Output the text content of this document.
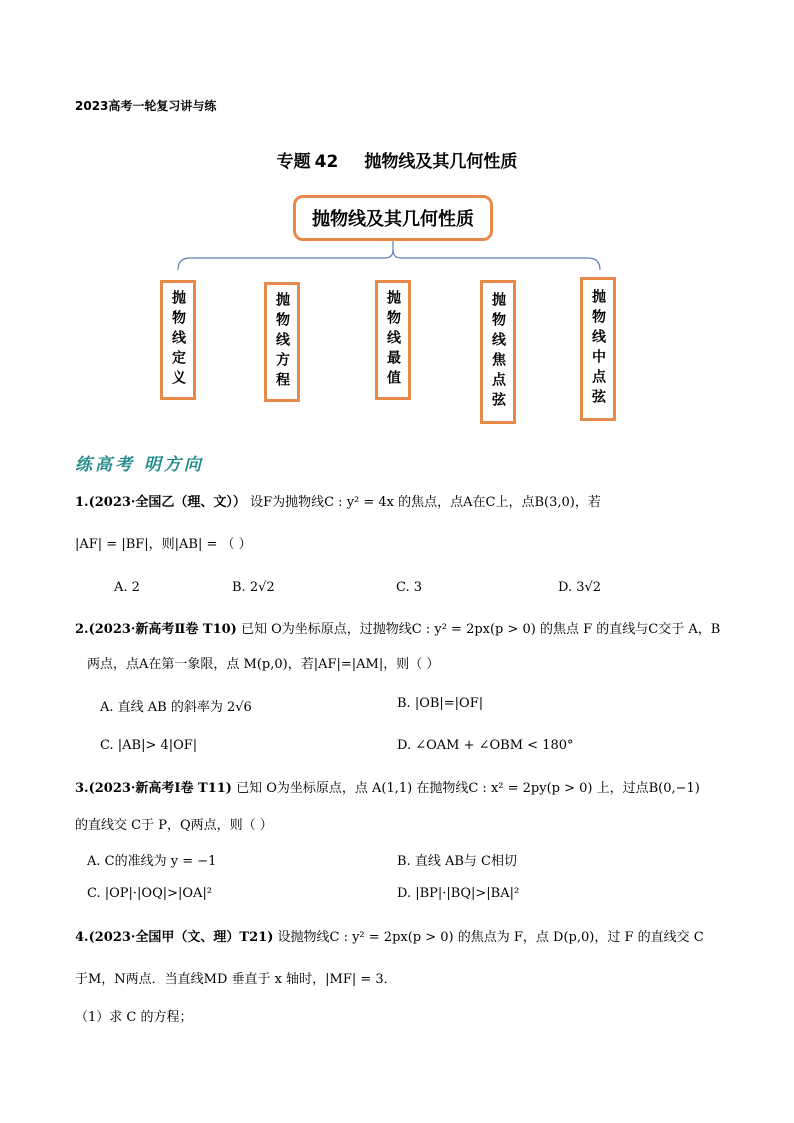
2023高考一轮复习讲与练
专题 42 抛物线及其几何性质
抛物线及其几何性质
抛物线定义	抛物线方程	抛物线最值	抛物线焦点弦	抛物线中点弦
练高考 明方向
1.(2023·全国乙（理、文）） 设F为抛物线C : y² = 4x 的焦点，点A在C上，点B(3,0)，若
|AF| = |BF|，则|AB| = （ ）
A. 2	B. 2√2	C. 3	D. 3√2
2.(2023·新高考Ⅱ卷 T10) 已知 O为坐标原点，过抛物线C : y² = 2px(p > 0) 的焦点 F 的直线与C交于 A，B
两点，点A在第一象限，点 M(p,0)，若|AF|=|AM|，则（ ）
A. 直线 AB 的斜率为 2√6	B. |OB|=|OF|
C. |AB|> 4|OF|	D. ∠OAM + ∠OBM < 180°
3.(2023·新高考Ⅰ卷 T11) 已知 O为坐标原点，点 A(1,1) 在抛物线C : x² = 2py(p > 0) 上，过点B(0,−1)
的直线交 C于 P，Q两点，则（ ）
A. C的准线为 y = −1	B. 直线 AB与 C相切
C. |OP|·|OQ|>|OA|²	D. |BP|·|BQ|>|BA|²
4.(2023·全国甲（文、理）T21) 设抛物线C : y² = 2px(p > 0) 的焦点为 F，点 D(p,0)，过 F 的直线交 C
于M，N两点．当直线MD 垂直于 x 轴时，|MF| = 3．
（1）求 C 的方程；
